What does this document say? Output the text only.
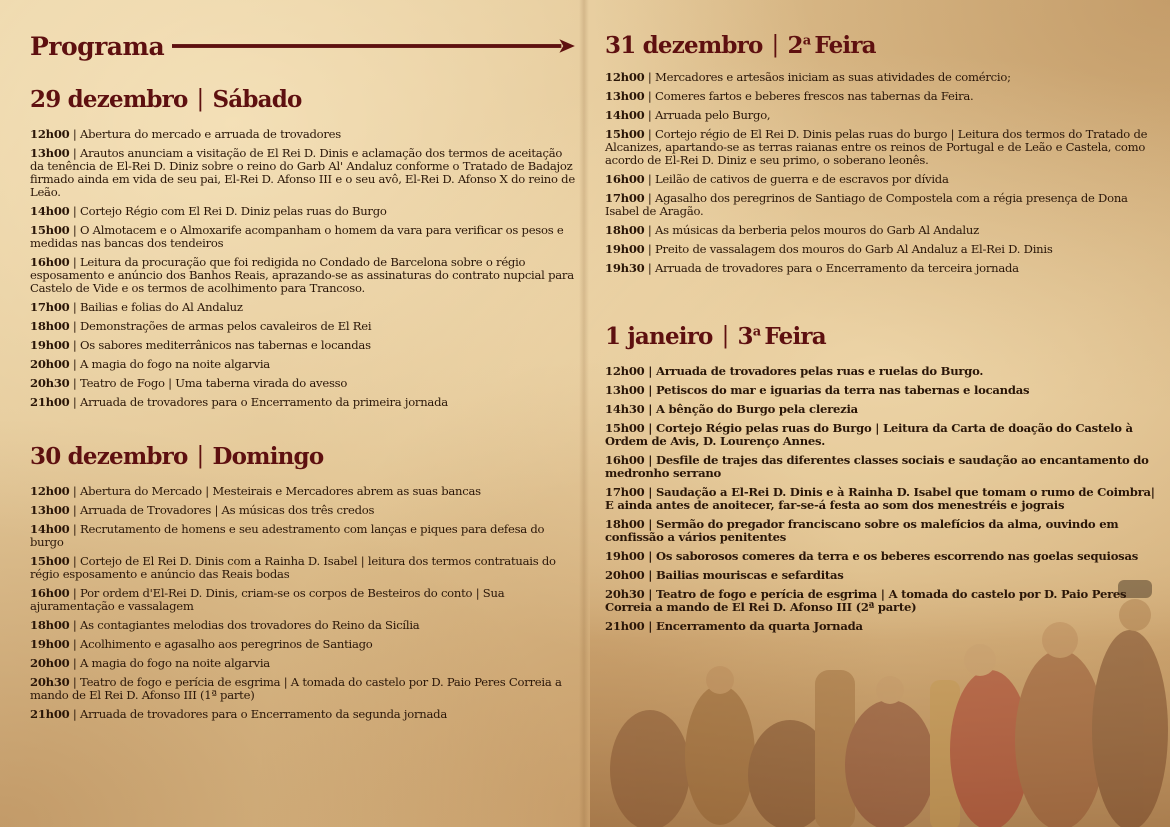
Programa
29 dezembro | Sábado
12h00 | Abertura do mercado e arruada de trovadores
13h00 | Arautos anunciam a visitação de El Rei D. Dinis e aclamação dos termos de aceitação da tenência de El-Rei D. Diniz sobre o reino do Garb Al' Andaluz conforme o Tratado de Badajoz firmado ainda em vida de seu pai, El-Rei D. Afonso III e o seu avô, El-Rei D. Afonso X do reino de Leão.
14h00 | Cortejo Régio com El Rei D. Diniz pelas ruas do Burgo
15h00 | O Almotacem e o Almoxarife acompanham o homem da vara para verificar os pesos e medidas nas bancas dos tendeiros
16h00 | Leitura da procuração que foi redigida no Condado de Barcelona sobre o régio esposamento e anúncio dos Banhos Reais, aprazando-se as assinaturas do contrato nupcial para Castelo de Vide e os termos de acolhimento para Trancoso.
17h00 | Bailias e folias do Al Andaluz
18h00 | Demonstrações de armas pelos cavaleiros de El Rei
19h00 | Os sabores mediterrânicos nas tabernas e locandas
20h00 | A magia do fogo na noite algarvia
20h30 | Teatro de Fogo | Uma taberna virada do avesso
21h00 | Arruada de trovadores para o Encerramento da primeira jornada
30 dezembro | Domingo
12h00 | Abertura do Mercado | Mesteirais e Mercadores abrem as suas bancas
13h00 | Arruada de Trovadores | As músicas dos três credos
14h00 | Recrutamento de homens e seu adestramento com lanças e piques para defesa do burgo
15h00 | Cortejo de El Rei D. Dinis com a Rainha D. Isabel | leitura dos termos contratuais do régio esposamento e anúncio das Reais bodas
16h00 | Por ordem d'El-Rei D. Dinis, criam-se os corpos de Besteiros do conto | Sua ajuramentação e vassalagem
18h00 | As contagiantes melodias dos trovadores do Reino da Sicília
19h00 | Acolhimento e agasalho aos peregrinos de Santiago
20h00 | A magia do fogo na noite algarvia
20h30 | Teatro de fogo e perícia de esgrima | A tomada do castelo por D. Paio Peres Correia a mando de El Rei D. Afonso III (1ª parte)
21h00 | Arruada de trovadores para o Encerramento da segunda jornada
31 dezembro | 2$^a$ Feira
12h00 | Mercadores e artesãos iniciam as suas atividades de comércio;
13h00 | Comeres fartos e beberes frescos nas tabernas da Feira.
14h00 | Arruada pelo Burgo,
15h00 | Cortejo régio de El Rei D. Dinis pelas ruas do burgo | Leitura dos termos do Tratado de Alcanizes, apartando-se as terras raianas entre os reinos de Portugal e de Leão e Castela, como acordo de El-Rei D. Diniz e seu primo, o soberano leonês.
16h00 | Leilão de cativos de guerra e de escravos por dívida
17h00 | Agasalho dos peregrinos de Santiago de Compostela com a régia presença de Dona Isabel de Aragão.
18h00 | As músicas da berberia pelos mouros do Garb Al Andaluz
19h00 | Preito de vassalagem dos mouros do Garb Al Andaluz a El-Rei D. Dinis
19h30 | Arruada de trovadores para o Encerramento da terceira jornada
1 janeiro | 3$^a$ Feira
12h00 | Arruada de trovadores pelas ruas e ruelas do Burgo.
13h00 | Petiscos do mar e iguarias da terra nas tabernas e locandas
14h30 | A bênção do Burgo pela clerezia
15h00 | Cortejo Régio pelas ruas do Burgo | Leitura da Carta de doação do Castelo à Ordem de Avis, D. Lourenço Annes.
16h00 | Desfile de trajes das diferentes classes sociais e saudação ao encantamento do medronho serrano
17h00 | Saudação a El-Rei D. Dinis e à Rainha D. Isabel que tomam o rumo de Coimbra| E ainda antes de anoitecer, far-se-á festa ao som dos menestréis e jograis
18h00 | Sermão do pregador franciscano sobre os malefícios da alma, ouvindo em confissão a vários penitentes
19h00 | Os saborosos comeres da terra e os beberes escorrendo nas goelas sequiosas
20h00 | Bailias mouriscas e sefarditas
20h30 | Teatro de fogo e perícia de esgrima | A tomada do castelo por D. Paio Peres Correia a mando de El Rei D. Afonso III (2ª parte)
21h00 | Encerramento da quarta Jornada
